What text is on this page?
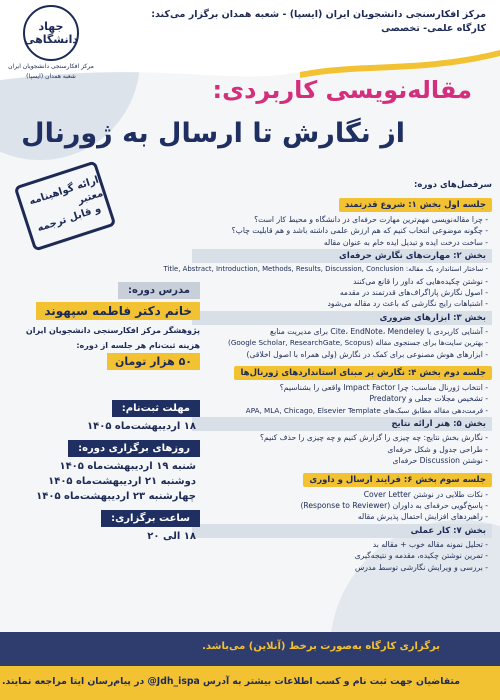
جهاد دانشگاهی
مرکز افکارسنجی دانشجویان ایران
شعبه همدان (ایسپا)
مرکز افکارسنجی دانشجویان ایران (ایسپا) - شعبه همدان برگزار می‌کند:
کارگاه علمی- تخصصی
مقاله‌نویسی کاربردی:
از نگارش تا ارسال به ژورنال
ارائه گواهینامه معتبر
و قابل ترجمه
سرفصل‌های دوره:
جلسه اول بخش ۱: شروع قدرتمند
- چرا مقاله‌نویسی مهم‌ترین مهارت حرفه‌ای در دانشگاه و محیط کار است؟
- چگونه موضوعی انتخاب کنیم که هم ارزش علمی داشته باشد و هم قابلیت چاپ؟
- ساخت درخت ایده و تبدیل ایده خام به عنوان مقاله
بخش ۲: مهارت‌های نگارش حرفه‌ای
- ساختار استاندارد یک مقاله: Title, Abstract, Introduction, Methods, Results, Discussion, Conclusion
- نوشتن چکیده‌هایی که داور را قانع می‌کنند
- اصول نگارش پاراگراف‌های قدرتمند در مقدمه
- اشتباهات رایج نگارشی که باعث رد مقاله می‌شود
بخش ۳: ابزارهای ضروری
- آشنایی کاربردی با Cite، EndNote، Mendeley برای مدیریت منابع
- بهترین سایت‌ها برای جستجوی مقاله (Google Scholar, ResearchGate, Scopus)
- ابزارهای هوش مصنوعی برای کمک در نگارش (ولی همراه با اصول اخلاقی)
جلسه دوم بخش ۴: نگارش بر مبنای استانداردهای ژورنال‌ها
- انتخاب ژورنال مناسب: چرا Impact Factor واقعی را بشناسیم؟
- تشخیص مجلات جعلی و Predatory
- فرمت‌دهی مقاله مطابق سبک‌های APA, MLA, Chicago, Elsevier Template
بخش ۵: هنر ارائه نتایج
- نگارش بخش نتایج: چه چیزی را گزارش کنیم و چه چیزی را حذف کنیم؟
- طراحی جدول و شکل حرفه‌ای
- نوشتن Discussion حرفه‌ای
جلسه سوم بخش ۶: فرایند ارسال و داوری
- نکات طلایی در نوشتن Cover Letter
- پاسخ‌گویی حرفه‌ای به داوران (Response to Reviewer)
- راهبردهای افزایش احتمال پذیرش مقاله
بخش ۷: کار عملی
- تحلیل نمونه مقاله خوب + مقاله بد
- تمرین نوشتن چکیده، مقدمه و نتیجه‌گیری
- بررسی و ویرایش نگارشی توسط مدرس
مدرس دوره:
خانم دکتر فاطمه سپهوند
پژوهشگر مرکز افکارسنجی دانشجویان ایران
هزینه ثبت‌نام هر جلسه از دوره:
۵۰ هزار تومان
مهلت ثبت‌نام:
۱۸ اردیبهشت‌ماه ۱۴۰۵
روزهای برگزاری دوره:
شنبه ۱۹ اردیبهشت‌ماه ۱۴۰۵
دوشنبه ۲۱ اردیبهشت‌ماه ۱۴۰۵
چهارشنبه ۲۳ اردیبهشت‌ماه ۱۴۰۵
ساعت برگزاری:
۱۸ الی ۲۰
برگزاری کارگاه به‌صورت برخط (آنلاین) می‌باشد.
متقاضیان جهت ثبت نام و کسب اطلاعات بیشتر به آدرس Jdh_ispa@ در پیام‌رسان ایتا مراجعه نمایند.
